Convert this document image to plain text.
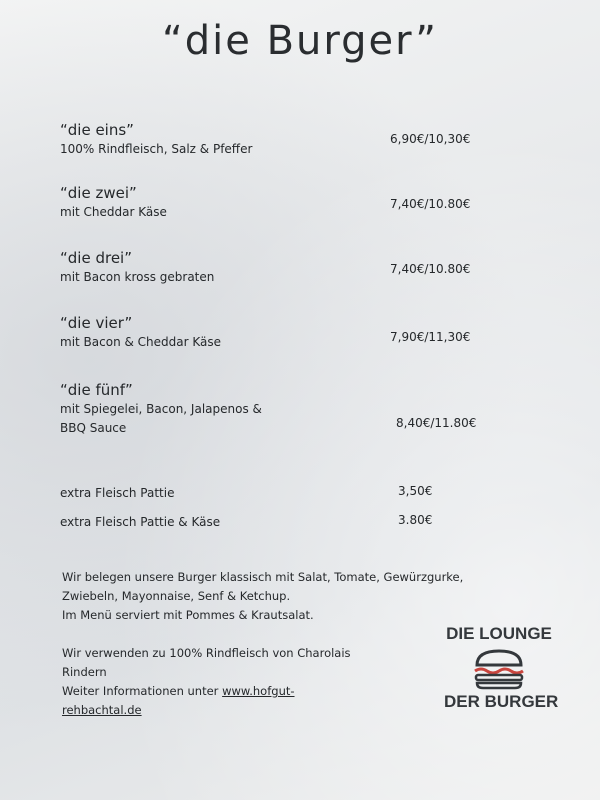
“die Burger”
“die eins”
100% Rindfleisch, Salz & Pfeffer
6,90€/10,30€
“die zwei”
mit Cheddar Käse
7,40€/10.80€
“die drei”
mit Bacon kross gebraten
7,40€/10.80€
“die vier”
mit Bacon & Cheddar Käse	7,90€/11,30€
“die fünf”
mit Spiegelei, Bacon, Jalapenos &
BBQ Sauce	8,40€/11.80€
extra Fleisch Pattie	3,50€
extra Fleisch Pattie & Käse	3.80€
Wir belegen unsere Burger klassisch mit Salat, Tomate, Gewürzgurke,
Zwiebeln, Mayonnaise, Senf & Ketchup.
Im Menü serviert mit Pommes & Krautsalat.
Wir verwenden zu 100% Rindfleisch von Charolais
Rindern
Weiter Informationen unter www.hofgut-
rehbachtal.de
DIE LOUNGE
DER BURGER
